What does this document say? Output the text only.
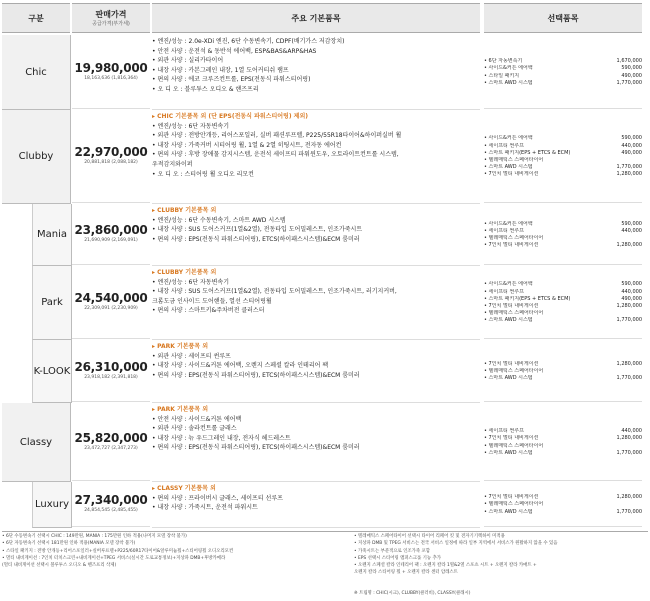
구분	판매가격
공급가격(부가세)
주요 기본품목	선택품목
Chic 19,980,000
18,163,636 (1,816,364)
• 엔진/성능 : 2.0e-XDi 엔진, 6단 수동변속기, CDPF(배기가스 저감장치)
• 안전 사양 : 운전석 & 동반석 에어백, ESP&BAS&ARP&HAS
• 외관 사양 : 실리카타이어
• 내장 사양 : 카본그레인 내장, 1열 도어커티쉬 램프
• 편의 사양 : 에코 크루즈컨트롤, EPS(전동식 파워스티어링)
• 오 디 오 : 블루투스 오디오 & 핸즈프리
• 6단 자동변속기	1,670,000
• 사이드&커튼 에어백	590,000
• 스타일 패키지	490,000
• 스마트 AWD 시스템	1,770,000
Clubby 22,970,000
20,881,818 (2,088,182)
▸ CHIC 기본품목 외 (단 EPS(전동식 파워스티어링) 제외)
• 엔진/성능 : 6단 자동변속기
• 외관 사양 : 전방안개등, 리어스포일러, 실버 패션루프렐, P225/55R18타이어&하이퍼실버 휠
• 내장 사양 : 가죽커버 시티어링 휠, 1열 & 2열 히팅시트, 전자동 에어컨
• 편의 사양 : 후방 장애물 감지시스템, 운전석 세이프티 파워윈도우, 오토라이트컨트롤 시스템,
우적감지와이퍼
• 오 디 오 : 스티어링 휠 오디오 리모컨
• 사이드&커튼 에어백	590,000
• 세이프티 썬루프	440,000
• 스마트 패키지(EPS + ETCS & ECM)	490,000
• 텔레매틱스 스페어타이어
• 스마트 AWD 시스템	1,770,000
• 7인치 멀티 내비게이션	1,280,000
Mania 23,860,000
21,690,909 (2,169,091)
▸ CLUBBY 기본품목 외
• 엔진/성능 : 6단 수동변속기, 스마트 AWD 시스템
• 내장 사양 : SUS 도어스커프(1열&2열), 전동타입 도어밀레스트, 인조가죽시트
• 편의 사양 : EPS(전동식 파워스티어링), ETCS(하이패스시스템)&ECM 룸미러
• 사이드&커튼 에어백	590,000
• 세이프티 썬루프	440,000
• 텔레매틱스 스페어타이어
• 7인치 멀티 내비게이션	1,280,000
Park 24,540,000
22,309,091 (2,230,909)
▸ CLUBBY 기본품목 외
• 엔진/성능 : 6단 자동변속기
• 내장 사양 : SUS 도어스커프(1열&2열), 전동타입 도어밀레스트, 인조가죽시트, 러기지커버,
크롬도금 인사이드 도어핸들, 열선 스티어링휠
• 편의 사양 : 스마트키&주차버전 클러스터
• 사이드&커튼 에어백	590,000
• 세이프티 썬루프	440,000
• 스마트 패키지(EPS + ETCS & ECM)	490,000
• 7인치 멀티 내비게이션	1,280,000
• 텔레매틱스 스페어타이어
• 스마트 AWD 시스템	1,770,000
K-LOOK 26,310,000
23,918,182 (2,391,818)
▸ PARK 기본품목 외
• 외관 사양 : 세이프티 썬루프
• 내장 사양 : 사이드&커튼 에어백, 오렌지 스페셜 칼라 인테리어 팩
• 편의 사양 : EPS(전동식 파워스티어링), ETCS(하이패스시스템)&ECM 룸미러
• 7인치 멀티 내비게이션	1,280,000
• 텔레매틱스 스페어타이어
• 스마트 AWD 시스템	1,770,000
Classy 25,820,000
23,472,727 (2,347,273)
▸ PARK 기본품목 외
• 안전 사양 : 사이드&커튼 에어백
• 외관 사양 : 솔라컨트롤 글래스
• 내장 사양 : 뉴 우드그레인 내장, 전자식 헤드레스트
• 편의 사양 : EPS(전동식 파워스티어링), ETCS(하이패스시스템)&ECM 룸미러
• 세이프티 썬루프	440,000
• 7인치 멀티 내비게이션	1,280,000
• 텔레매틱스 스페어타이어
• 스마트 AWD 시스템	1,770,000
Luxury 27,340,000
24,854,545 (2,485,455)
▸ CLASSY 기본품목 외
• 편의 사양 : 프라이버시 글래스, 세이프티 선루프
• 내장 사양 : 가죽시트, 운전석 파워시트
• 7인치 멀티 내비게이션	1,280,000
• 텔레매틱스 스페어타이어
• 스마트 AWD 시스템	1,770,000
• 6단 수동변속기 선택시 CHIC : 149만원, MANIA : 175만원 인하 적용(나머지 모델 장착 불가)
• 6단 자동변속기 선택시 181만원 인하 적용(MANIA 모델 장착 불가)
• 스타일 패키지 : 전방 안개등+리어스포일러+실버루프렐+P225/60R17타이어&알루미늄휠+스티어링휠 오디오리모컨
• 멀티 내비게이션 : 7인치 터치스크린+내비게이션+TPEG 서비스(실시간 도로교통정보)+지상파 DMB+후방카메라
(멀티 내비게이션 선택시 블루투스 오디오 & 핸즈프리 삭제)
• 텔레매틱스 스페어타이어 선택시 타이어 리페어 킷 및 전자기기렉하이 미적용
• 지상파 DMB 및 TPEG 서비스는 전국 서비스 일정에 따라 일부 지역에서 서비스가 원활하지 않을 수 있음
• 가죽시트는 부분적으로 인조가죽 포함
• EPS 선택시 스티어링 앰퍼스크롤 기능 추가
• 오렌지 스페셜 칼라 인테리어 팩 : 오렌지 칼라 1열&2열 스포츠 시트 + 오렌지 칼라 카매트 +
오렌지 칼라 스티어링 휠 + 오렌지 칼라 센터 암레스트
※ 트림명 : CHIC(시크), CLUBBY(클러비), CLASSY(클래시)
